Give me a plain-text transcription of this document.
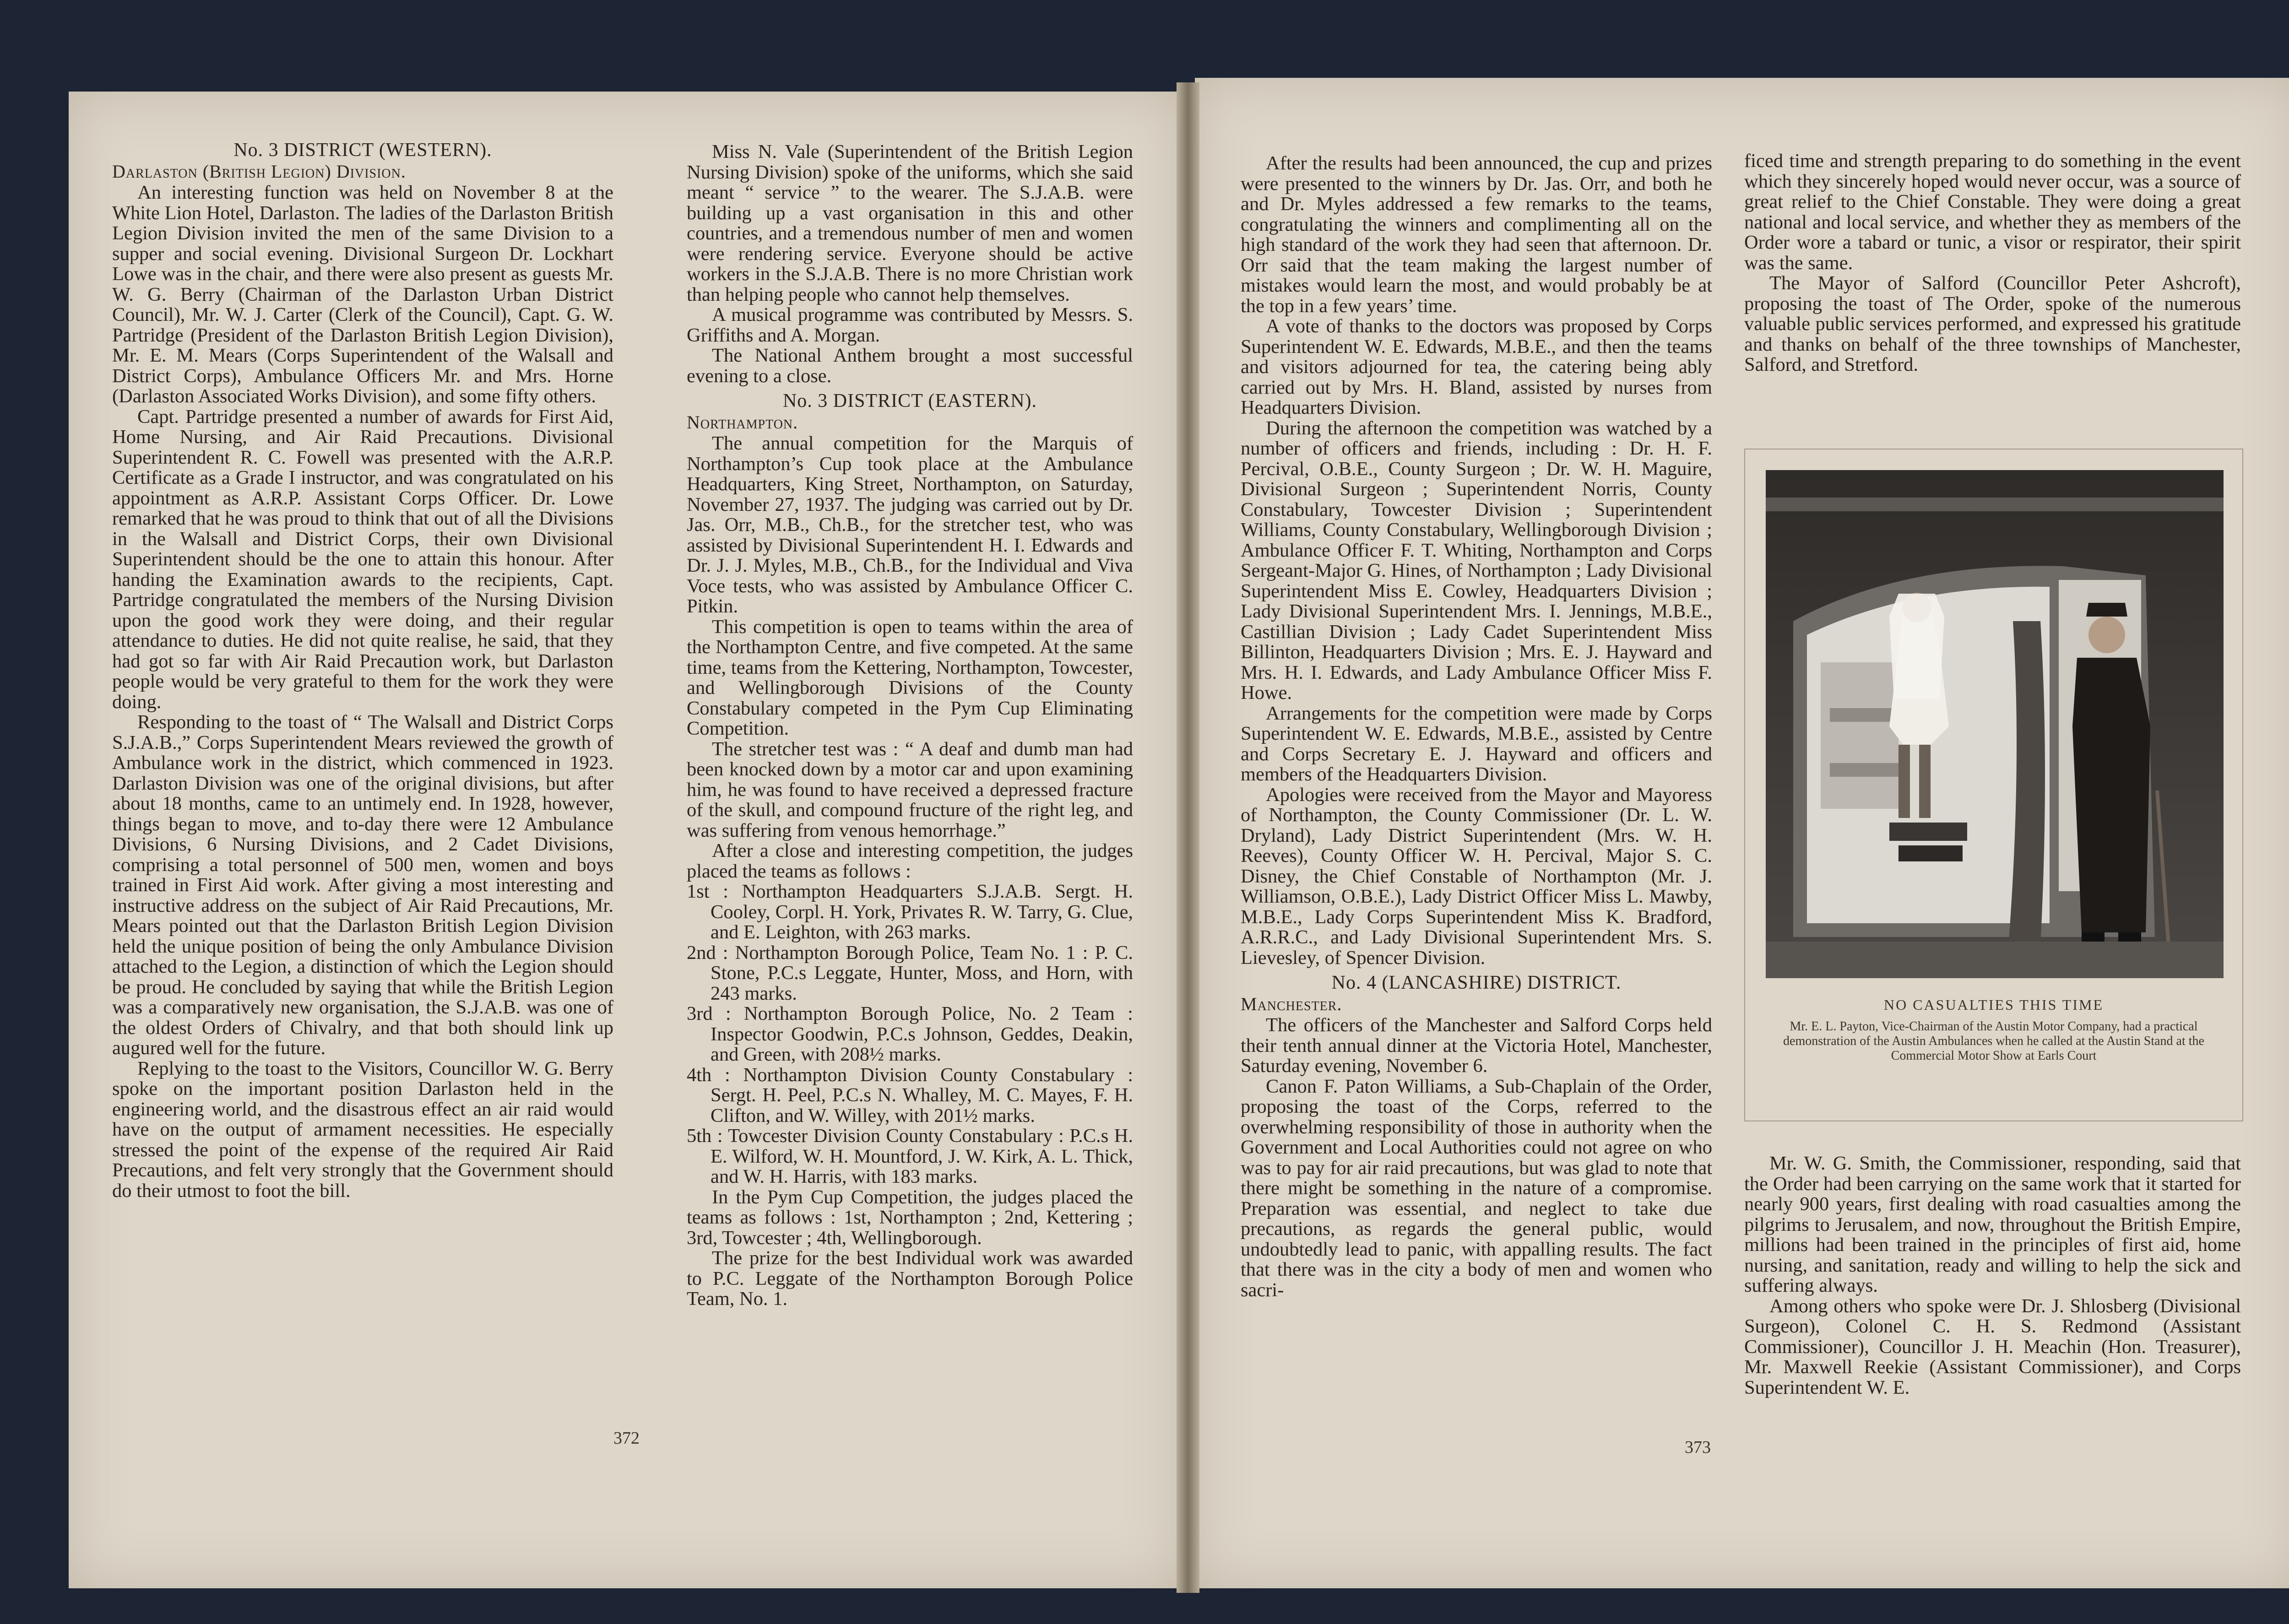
No. 3 DISTRICT (WESTERN).

Darlaston (British Legion) Division.

An interesting function was held on November 8 at the White Lion Hotel, Darlaston. The ladies of the Darlaston British Legion Division invited the men of the same Division to a supper and social evening. Divisional Surgeon Dr. Lockhart Lowe was in the chair, and there were also present as guests Mr. W. G. Berry (Chairman of the Darlaston Urban District Council), Mr. W. J. Carter (Clerk of the Council), Capt. G. W. Partridge (President of the Darlaston British Legion Division), Mr. E. M. Mears (Corps Superintendent of the Walsall and District Corps), Ambulance Officers Mr. and Mrs. Horne (Darlaston Associated Works Division), and some fifty others.

Capt. Partridge presented a number of awards for First Aid, Home Nursing, and Air Raid Precautions. Divisional Superintendent R. C. Fowell was presented with the A.R.P. Certificate as a Grade I instructor, and was congratulated on his appointment as A.R.P. Assistant Corps Officer. Dr. Lowe remarked that he was proud to think that out of all the Divisions in the Walsall and District Corps, their own Divisional Superintendent should be the one to attain this honour. After handing the Examination awards to the recipients, Capt. Partridge congratulated the members of the Nursing Division upon the good work they were doing, and their regular attendance to duties. He did not quite realise, he said, that they had got so far with Air Raid Precaution work, but Darlaston people would be very grateful to them for the work they were doing.

Responding to the toast of “ The Walsall and District Corps S.J.A.B.,” Corps Superintendent Mears reviewed the growth of Ambulance work in the district, which commenced in 1923. Darlaston Division was one of the original divisions, but after about 18 months, came to an untimely end. In 1928, however, things began to move, and to-day there were 12 Ambulance Divisions, 6 Nursing Divisions, and 2 Cadet Divisions, comprising a total personnel of 500 men, women and boys trained in First Aid work. After giving a most interesting and instructive address on the subject of Air Raid Precautions, Mr. Mears pointed out that the Darlaston British Legion Division held the unique position of being the only Ambulance Division attached to the Legion, a distinction of which the Legion should be proud. He concluded by saying that while the British Legion was a comparatively new organisation, the S.J.A.B. was one of the oldest Orders of Chivalry, and that both should link up augured well for the future.

Replying to the toast to the Visitors, Councillor W. G. Berry spoke on the important position Darlaston held in the engineering world, and the disastrous effect an air raid would have on the output of armament necessities. He especially stressed the point of the expense of the required Air Raid Precautions, and felt very strongly that the Government should do their utmost to foot the bill.

Miss N. Vale (Superintendent of the British Legion Nursing Division) spoke of the uniforms, which she said meant “ service ” to the wearer. The S.J.A.B. were building up a vast organisation in this and other countries, and a tremendous number of men and women were rendering service. Everyone should be active workers in the S.J.A.B. There is no more Christian work than helping people who cannot help themselves.

A musical programme was contributed by Messrs. S. Griffiths and A. Morgan.

The National Anthem brought a most successful evening to a close.

No. 3 DISTRICT (EASTERN).

Northampton.

The annual competition for the Marquis of Northampton’s Cup took place at the Ambulance Headquarters, King Street, Northampton, on Saturday, November 27, 1937. The judging was carried out by Dr. Jas. Orr, M.B., Ch.B., for the stretcher test, who was assisted by Divisional Superintendent H. I. Edwards and Dr. J. J. Myles, M.B., Ch.B., for the Individual and Viva Voce tests, who was assisted by Ambulance Officer C. Pitkin.

This competition is open to teams within the area of the Northampton Centre, and five competed. At the same time, teams from the Kettering, Northampton, Towcester, and Wellingborough Divisions of the County Constabulary competed in the Pym Cup Eliminating Competition.

The stretcher test was : “ A deaf and dumb man had been knocked down by a motor car and upon examining him, he was found to have received a depressed fracture of the skull, and compound fructure of the right leg, and was suffering from venous hemorrhage.”

After a close and interesting competition, the judges placed the teams as follows :

1st : Northampton Headquarters S.J.A.B. Sergt. H. Cooley, Corpl. H. York, Privates R. W. Tarry, G. Clue, and E. Leighton, with 263 marks.

2nd : Northampton Borough Police, Team No. 1 : P. C. Stone, P.C.s Leggate, Hunter, Moss, and Horn, with 243 marks.

3rd : Northampton Borough Police, No. 2 Team : Inspector Goodwin, P.C.s Johnson, Geddes, Deakin, and Green, with 208½ marks.

4th : Northampton Division County Constabulary : Sergt. H. Peel, P.C.s N. Whalley, M. C. Mayes, F. H. Clifton, and W. Willey, with 201½ marks.

5th : Towcester Division County Constabulary : P.C.s H. E. Wilford, W. H. Mountford, J. W. Kirk, A. L. Thick, and W. H. Harris, with 183 marks.

In the Pym Cup Competition, the judges placed the teams as follows : 1st, Northampton ; 2nd, Kettering ; 3rd, Towcester ; 4th, Wellingborough.

The prize for the best Individual work was awarded to P.C. Leggate of the Northampton Borough Police Team, No. 1.

372

After the results had been announced, the cup and prizes were presented to the winners by Dr. Jas. Orr, and both he and Dr. Myles addressed a few remarks to the teams, congratulating the winners and complimenting all on the high standard of the work they had seen that afternoon. Dr. Orr said that the team making the largest number of mistakes would learn the most, and would probably be at the top in a few years’ time.

A vote of thanks to the doctors was proposed by Corps Superintendent W. E. Edwards, M.B.E., and then the teams and visitors adjourned for tea, the catering being ably carried out by Mrs. H. Bland, assisted by nurses from Headquarters Division.

During the afternoon the competition was watched by a number of officers and friends, including : Dr. H. F. Percival, O.B.E., County Surgeon ; Dr. W. H. Maguire, Divisional Surgeon ; Superintendent Norris, County Constabulary, Towcester Division ; Superintendent Williams, County Constabulary, Wellingborough Division ; Ambulance Officer F. T. Whiting, Northampton and Corps Sergeant-Major G. Hines, of Northampton ; Lady Divisional Superintendent Miss E. Cowley, Headquarters Division ; Lady Divisional Superintendent Mrs. I. Jennings, M.B.E., Castillian Division ; Lady Cadet Superintendent Miss Billinton, Headquarters Division ; Mrs. E. J. Hayward and Mrs. H. I. Edwards, and Lady Ambulance Officer Miss F. Howe.

Arrangements for the competition were made by Corps Superintendent W. E. Edwards, M.B.E., assisted by Centre and Corps Secretary E. J. Hayward and officers and members of the Headquarters Division.

Apologies were received from the Mayor and Mayoress of Northampton, the County Commissioner (Dr. L. W. Dryland), Lady District Superintendent (Mrs. W. H. Reeves), County Officer W. H. Percival, Major S. C. Disney, the Chief Constable of Northampton (Mr. J. Williamson, O.B.E.), Lady District Officer Miss L. Mawby, M.B.E., Lady Corps Superintendent Miss K. Bradford, A.R.R.C., and Lady Divisional Superintendent Mrs. S. Lievesley, of Spencer Division.

No. 4 (LANCASHIRE) DISTRICT.

Manchester.

The officers of the Manchester and Salford Corps held their tenth annual dinner at the Victoria Hotel, Manchester, Saturday evening, November 6.

Canon F. Paton Williams, a Sub-Chaplain of the Order, proposing the toast of the Corps, referred to the overwhelming responsibility of those in authority when the Government and Local Authorities could not agree on who was to pay for air raid precautions, but was glad to note that there might be something in the nature of a compromise. Preparation was essential, and neglect to take due precautions, as regards the general public, would undoubtedly lead to panic, with appalling results. The fact that there was in the city a body of men and women who sacri-

ficed time and strength preparing to do something in the event which they sincerely hoped would never occur, was a source of great relief to the Chief Constable. They were doing a great national and local service, and whether they as members of the Order wore a tabard or tunic, a visor or respirator, their spirit was the same.

The Mayor of Salford (Councillor Peter Ashcroft), proposing the toast of The Order, spoke of the numerous valuable public services performed, and expressed his gratitude and thanks on behalf of the three townships of Manchester, Salford, and Stretford.

NO CASUALTIES THIS TIME
Mr. E. L. Payton, Vice-Chairman of the Austin Motor Company, had a practical demonstration of the Austin Ambulances when he called at the Austin Stand at the Commercial Motor Show at Earls Court

Mr. W. G. Smith, the Commissioner, responding, said that the Order had been carrying on the same work that it started for nearly 900 years, first dealing with road casualties among the pilgrims to Jerusalem, and now, throughout the British Empire, millions had been trained in the principles of first aid, home nursing, and sanitation, ready and willing to help the sick and suffering always.

Among others who spoke were Dr. J. Shlosberg (Divisional Surgeon), Colonel C. H. S. Redmond (Assistant Commissioner), Councillor J. H. Meachin (Hon. Treasurer), Mr. Maxwell Reekie (Assistant Commissioner), and Corps Superintendent W. E.

373
